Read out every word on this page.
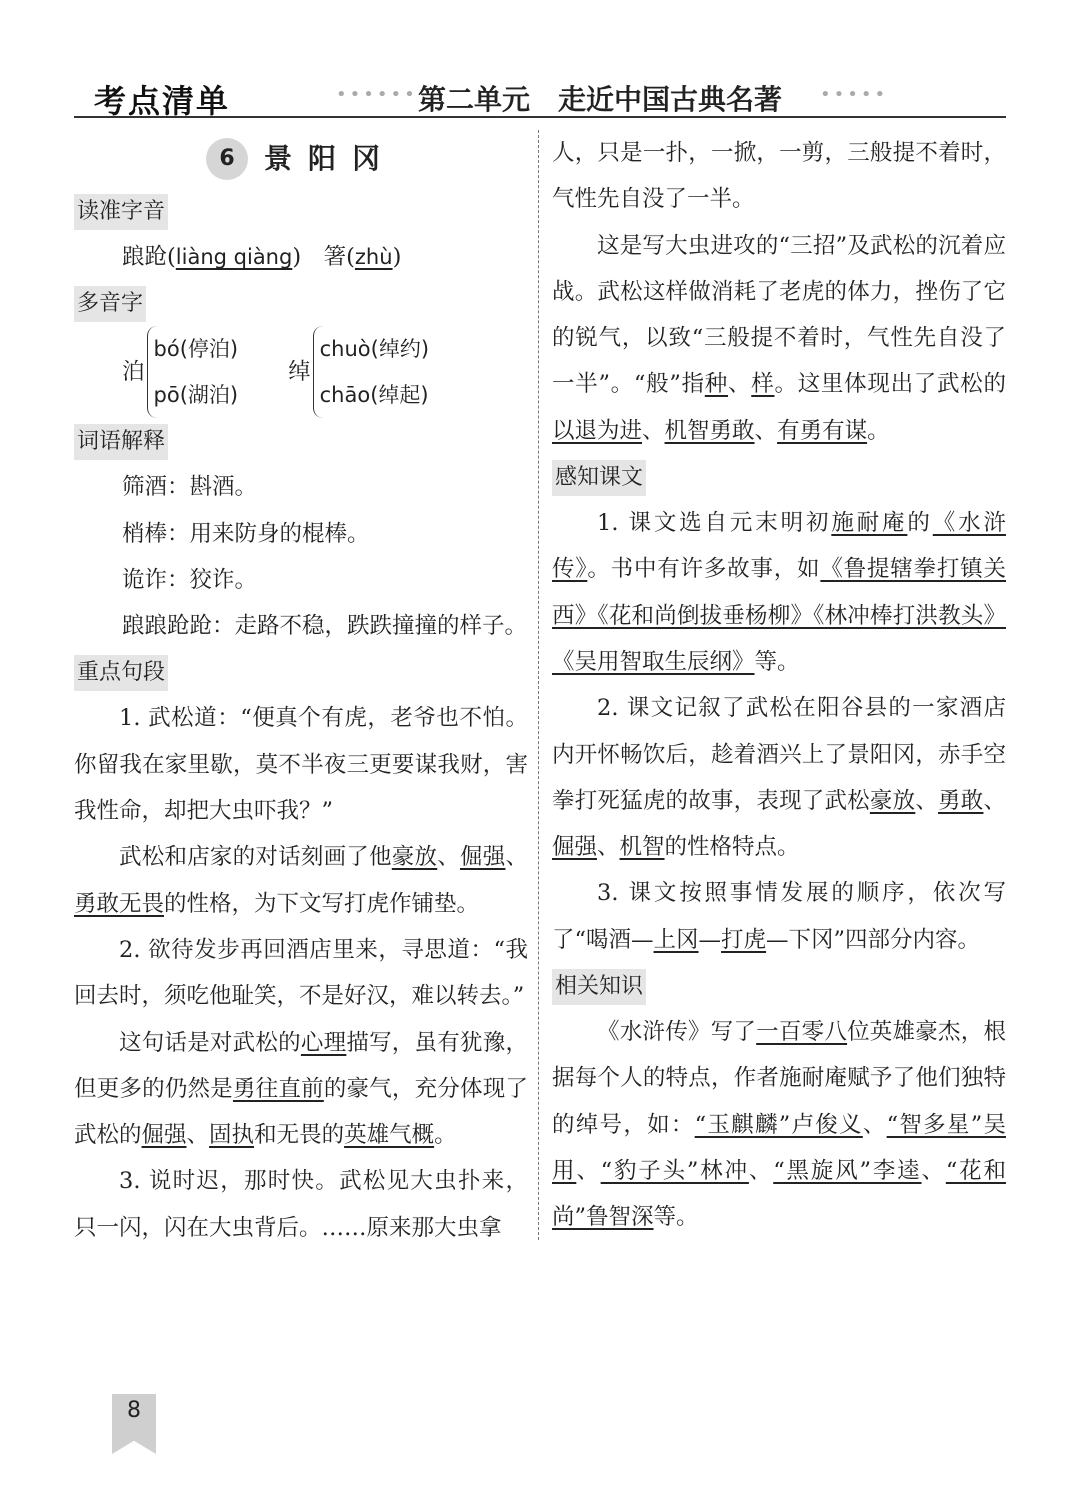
考点清单	•••••• 第二单元　走近中国古典名著 •••••
6	景阳冈
读准字音

踉跄(liàng qiàng)　箸(zhù)

多音字
泊
bó(停泊)
pō(湖泊)
绰
chuò(绰约)
chāo(绰起)
词语解释

筛酒：斟酒。

梢棒：用来防身的棍棒。

诡诈：狡诈。

踉踉跄跄：走路不稳，跌跌撞撞的样子。

重点句段

1. 武松道：“便真个有虎，老爷也不怕。你留我在家里歇，莫不半夜三更要谋我财，害我性命，却把大虫吓我？”

武松和店家的对话刻画了他豪放、倔强、勇敢无畏的性格，为下文写打虎作铺垫。

2. 欲待发步再回酒店里来，寻思道：“我回去时，须吃他耻笑，不是好汉，难以转去。”

这句话是对武松的心理描写，虽有犹豫，但更多的仍然是勇往直前的豪气，充分体现了武松的倔强、固执和无畏的英雄气概。

3. 说时迟，那时快。武松见大虫扑来，只一闪，闪在大虫背后。……原来那大虫拿

人，只是一扑，一掀，一剪，三般提不着时，气性先自没了一半。

这是写大虫进攻的“三招”及武松的沉着应战。武松这样做消耗了老虎的体力，挫伤了它的锐气，以致“三般提不着时，气性先自没了一半”。“般”指种、样。这里体现出了武松的以退为进、机智勇敢、有勇有谋。

感知课文

1. 课文选自元末明初施耐庵的《水浒传》。书中有许多故事，如《鲁提辖拳打镇关西》《花和尚倒拔垂杨柳》《林冲棒打洪教头》《吴用智取生辰纲》等。

2. 课文记叙了武松在阳谷县的一家酒店内开怀畅饮后，趁着酒兴上了景阳冈，赤手空拳打死猛虎的故事，表现了武松豪放、勇敢、倔强、机智的性格特点。

3. 课文按照事情发展的顺序，依次写了“喝酒—上冈—打虎—下冈”四部分内容。

相关知识

《水浒传》写了一百零八位英雄豪杰，根据每个人的特点，作者施耐庵赋予了他们独特的绰号，如：“玉麒麟”卢俊义、“智多星”吴用、“豹子头”林冲、“黑旋风”李逵、“花和尚”鲁智深等。

8
